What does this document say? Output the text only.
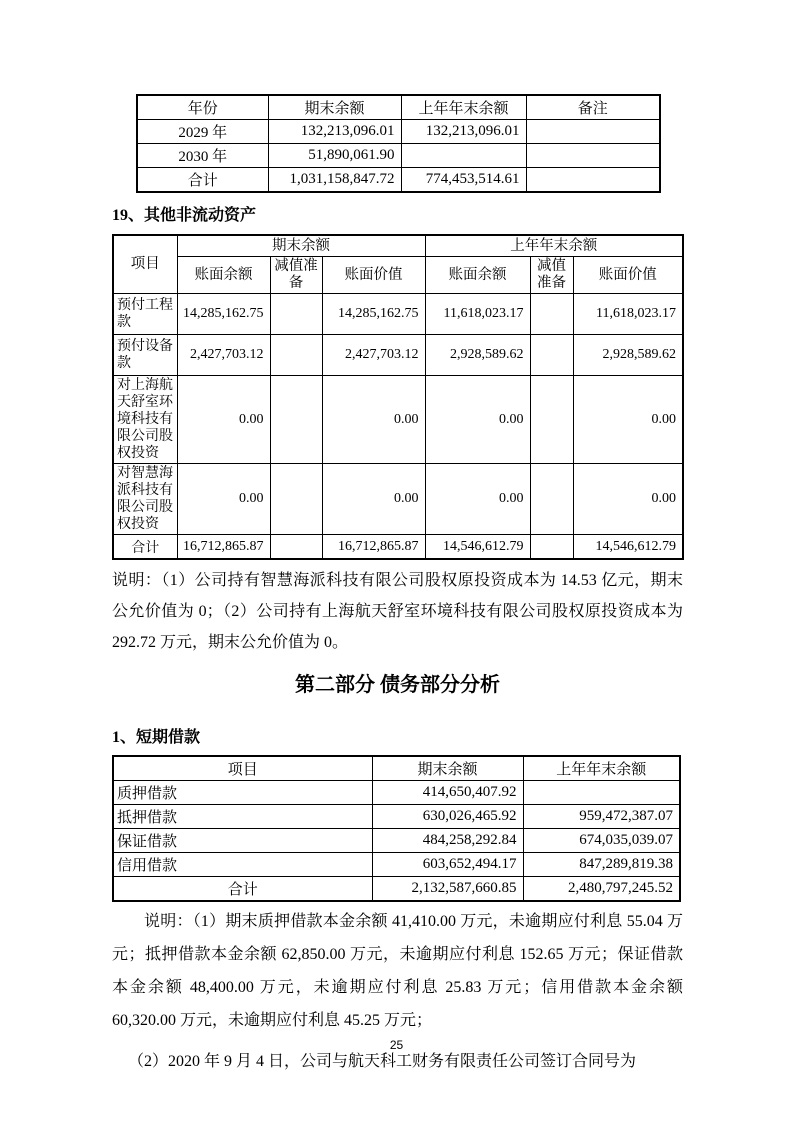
年份	期末余额	上年年末余额	备注
2029 年	132,213,096.01	132,213,096.01	
2030 年	51,890,061.90		
合计	1,031,158,847.72	774,453,514.61	
19、其他非流动资产
项目	期末余额			上年年末余额		
	账面余额	减值准备	账面价值	账面余额	减值准备	账面价值
预付工程款	14,285,162.75		14,285,162.75	11,618,023.17		11,618,023.17
预付设备款	2,427,703.12		2,427,703.12	2,928,589.62		2,928,589.62
对上海航天舒室环境科技有限公司股权投资	0.00		0.00	0.00		0.00
对智慧海派科技有限公司股权投资	0.00		0.00	0.00		0.00
合计	16,712,865.87		16,712,865.87	14,546,612.79		14,546,612.79
说明：（1）公司持有智慧海派科技有限公司股权原投资成本为 14.53 亿元，期末公允价值为 0；（2）公司持有上海航天舒室环境科技有限公司股权原投资成本为 292.72 万元，期末公允价值为 0。
第二部分 债务部分分析
1、短期借款
项目	期末余额	上年年末余额
质押借款	414,650,407.92	
抵押借款	630,026,465.92	959,472,387.07
保证借款	484,258,292.84	674,035,039.07
信用借款	603,652,494.17	847,289,819.38
合计	2,132,587,660.85	2,480,797,245.52
说明：（1）期末质押借款本金余额 41,410.00 万元，未逾期应付利息 55.04 万元；抵押借款本金余额 62,850.00 万元，未逾期应付利息 152.65 万元；保证借款本金余额 48,400.00 万元，未逾期应付利息 25.83 万元；信用借款本金余额 60,320.00 万元，未逾期应付利息 45.25 万元；
（2）2020 年 9 月 4 日，公司与航天科工财务有限责任公司签订合同号为
25
